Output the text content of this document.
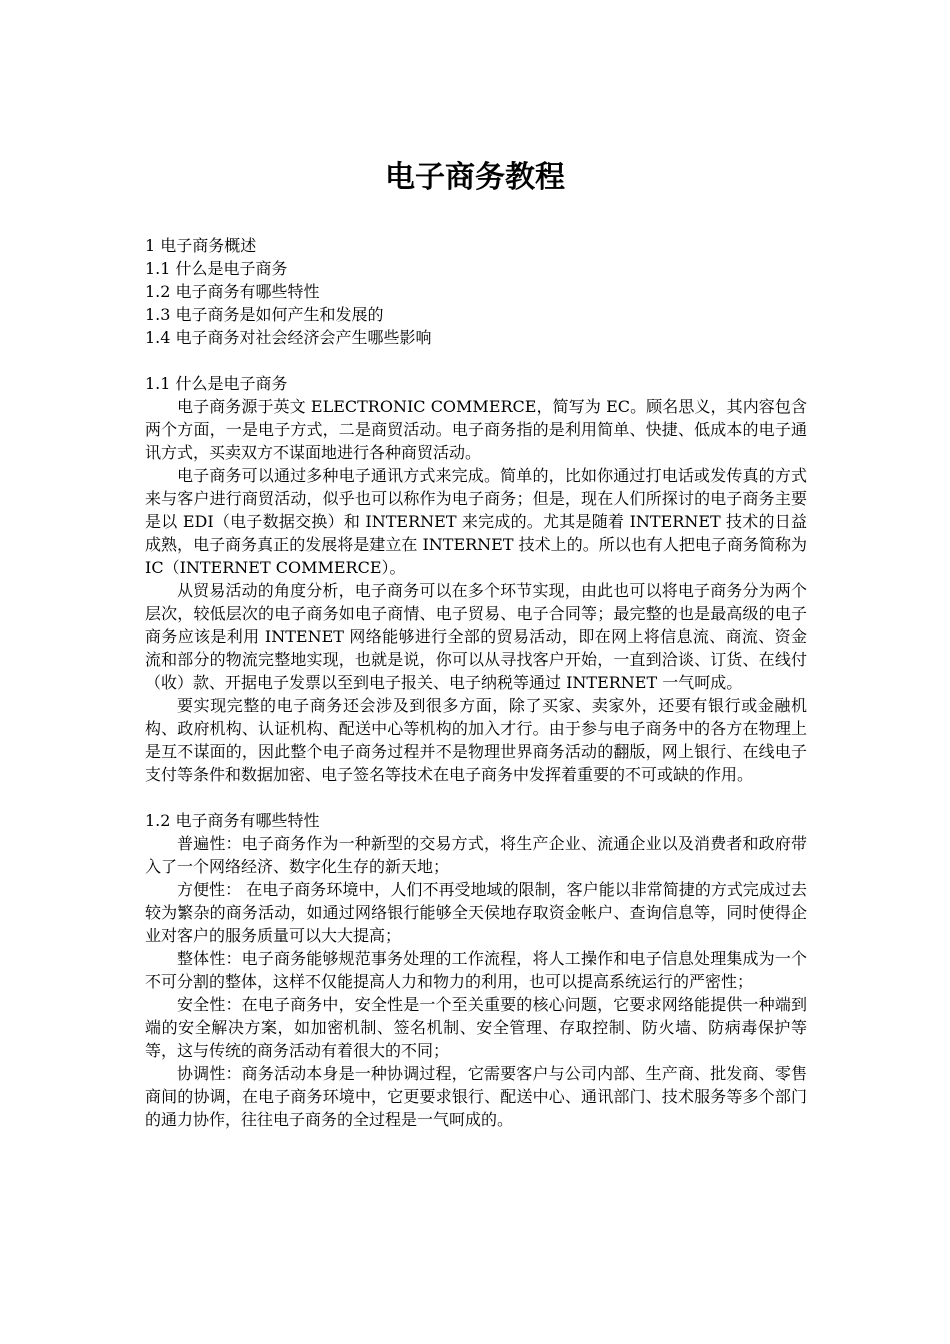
电子商务教程

1 电子商务概述

1.1 什么是电子商务

1.2 电子商务有哪些特性

1.3 电子商务是如何产生和发展的

1.4 电子商务对社会经济会产生哪些影响

1.1 什么是电子商务

电子商务源于英文 ELECTRONIC COMMERCE，简写为 EC。顾名思义，其内容包含两个方面，一是电子方式，二是商贸活动。电子商务指的是利用简单、快捷、低成本的电子通讯方式，买卖双方不谋面地进行各种商贸活动。

电子商务可以通过多种电子通讯方式来完成。简单的，比如你通过打电话或发传真的方式来与客户进行商贸活动，似乎也可以称作为电子商务；但是，现在人们所探讨的电子商务主要是以 EDI（电子数据交换）和 INTERNET 来完成的。尤其是随着 INTERNET 技术的日益成熟，电子商务真正的发展将是建立在 INTERNET 技术上的。所以也有人把电子商务简称为 IC（INTERNET COMMERCE）。

从贸易活动的角度分析，电子商务可以在多个环节实现，由此也可以将电子商务分为两个层次，较低层次的电子商务如电子商情、电子贸易、电子合同等；最完整的也是最高级的电子商务应该是利用 INTENET 网络能够进行全部的贸易活动，即在网上将信息流、商流、资金流和部分的物流完整地实现，也就是说，你可以从寻找客户开始，一直到洽谈、订货、在线付（收）款、开据电子发票以至到电子报关、电子纳税等通过 INTERNET 一气呵成。

要实现完整的电子商务还会涉及到很多方面，除了买家、卖家外，还要有银行或金融机构、政府机构、认证机构、配送中心等机构的加入才行。由于参与电子商务中的各方在物理上是互不谋面的，因此整个电子商务过程并不是物理世界商务活动的翻版，网上银行、在线电子支付等条件和数据加密、电子签名等技术在电子商务中发挥着重要的不可或缺的作用。

1.2 电子商务有哪些特性

普遍性：电子商务作为一种新型的交易方式，将生产企业、流通企业以及消费者和政府带入了一个网络经济、数字化生存的新天地；

方便性： 在电子商务环境中，人们不再受地域的限制，客户能以非常简捷的方式完成过去较为繁杂的商务活动，如通过网络银行能够全天侯地存取资金帐户、查询信息等，同时使得企业对客户的服务质量可以大大提高；

整体性：电子商务能够规范事务处理的工作流程，将人工操作和电子信息处理集成为一个不可分割的整体，这样不仅能提高人力和物力的利用，也可以提高系统运行的严密性；

安全性：在电子商务中，安全性是一个至关重要的核心问题，它要求网络能提供一种端到端的安全解决方案，如加密机制、签名机制、安全管理、存取控制、防火墙、防病毒保护等等，这与传统的商务活动有着很大的不同；

协调性：商务活动本身是一种协调过程，它需要客户与公司内部、生产商、批发商、零售商间的协调，在电子商务环境中，它更要求银行、配送中心、通讯部门、技术服务等多个部门的通力协作，往往电子商务的全过程是一气呵成的。
